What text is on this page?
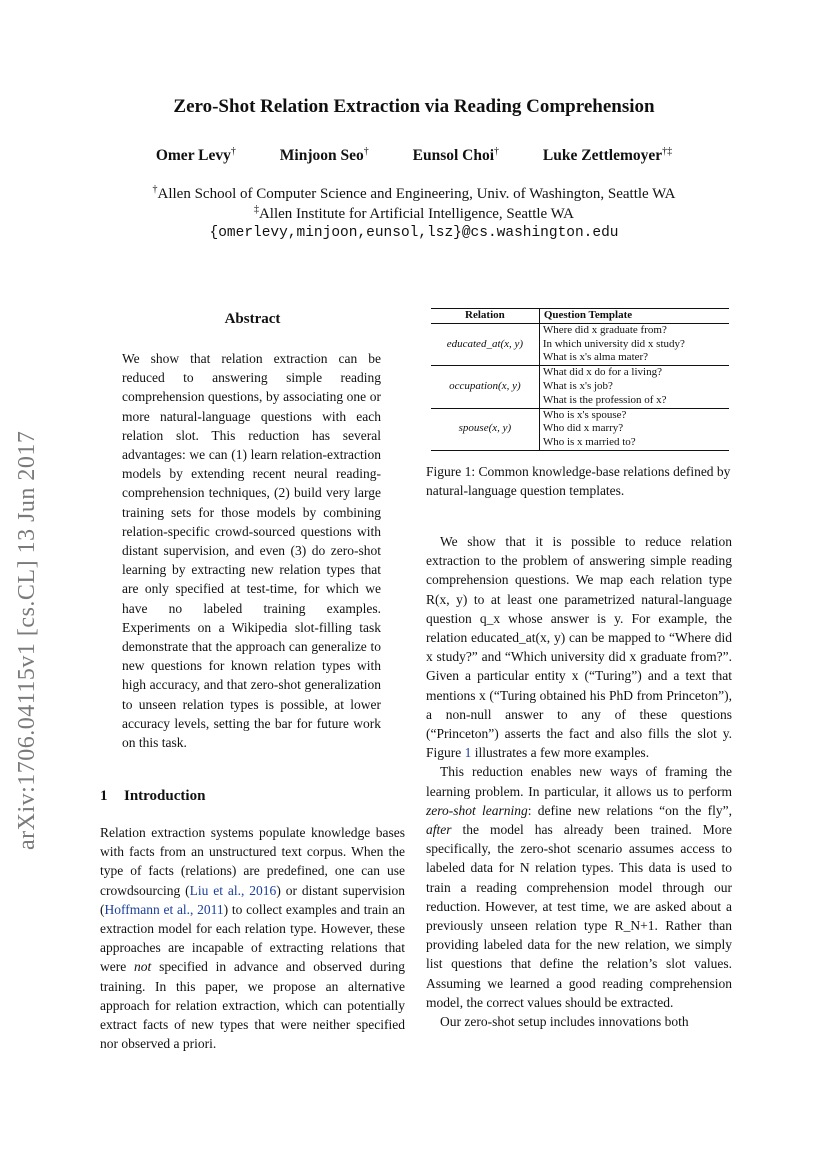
Zero-Shot Relation Extraction via Reading Comprehension
Omer Levy†	Minjoon Seo†	Eunsol Choi†	Luke Zettlemoyer†‡
†Allen School of Computer Science and Engineering, Univ. of Washington, Seattle WA
‡Allen Institute for Artificial Intelligence, Seattle WA
{omerlevy,minjoon,eunsol,lsz}@cs.washington.edu
arXiv:1706.04115v1 [cs.CL] 13 Jun 2017
Abstract
We show that relation extraction can be reduced to answering simple reading comprehension questions, by associating one or more natural-language questions with each relation slot. This reduction has several advantages: we can (1) learn relation-extraction models by extending recent neural reading-comprehension techniques, (2) build very large training sets for those models by combining relation-specific crowd-sourced questions with distant supervision, and even (3) do zero-shot learning by extracting new relation types that are only specified at test-time, for which we have no labeled training examples. Experiments on a Wikipedia slot-filling task demonstrate that the approach can generalize to new questions for known relation types with high accuracy, and that zero-shot generalization to unseen relation types is possible, at lower accuracy levels, setting the bar for future work on this task.
1 Introduction
Relation extraction systems populate knowledge bases with facts from an unstructured text corpus. When the type of facts (relations) are predefined, one can use crowdsourcing (Liu et al., 2016) or distant supervision (Hoffmann et al., 2011) to collect examples and train an extraction model for each relation type. However, these approaches are incapable of extracting relations that were not specified in advance and observed during training. In this paper, we propose an alternative approach for relation extraction, which can potentially extract facts of new types that were neither specified nor observed a priori.
Relation	Question Template
educated_at(x, y)	Where did x graduate from?
In which university did x study?
What is x's alma mater?

occupation(x, y)	What did x do for a living?
What is x's job?
What is the profession of x?

spouse(x, y)	Who is x's spouse?
Who did x marry?
Who is x married to?
Figure 1: Common knowledge-base relations defined by natural-language question templates.

We show that it is possible to reduce relation extraction to the problem of answering simple reading comprehension questions. We map each relation type R(x, y) to at least one parametrized natural-language question q_x whose answer is y. For example, the relation educated_at(x, y) can be mapped to “Where did x study?” and “Which university did x graduate from?”. Given a particular entity x (“Turing”) and a text that mentions x (“Turing obtained his PhD from Princeton”), a non-null answer to any of these questions (“Princeton”) asserts the fact and also fills the slot y. Figure 1 illustrates a few more examples.

This reduction enables new ways of framing the learning problem. In particular, it allows us to perform zero-shot learning: define new relations “on the fly”, after the model has already been trained. More specifically, the zero-shot scenario assumes access to labeled data for N relation types. This data is used to train a reading comprehension model through our reduction. However, at test time, we are asked about a previously unseen relation type R_N+1. Rather than providing labeled data for the new relation, we simply list questions that define the relation’s slot values. Assuming we learned a good reading comprehension model, the correct values should be extracted.

Our zero-shot setup includes innovations both
